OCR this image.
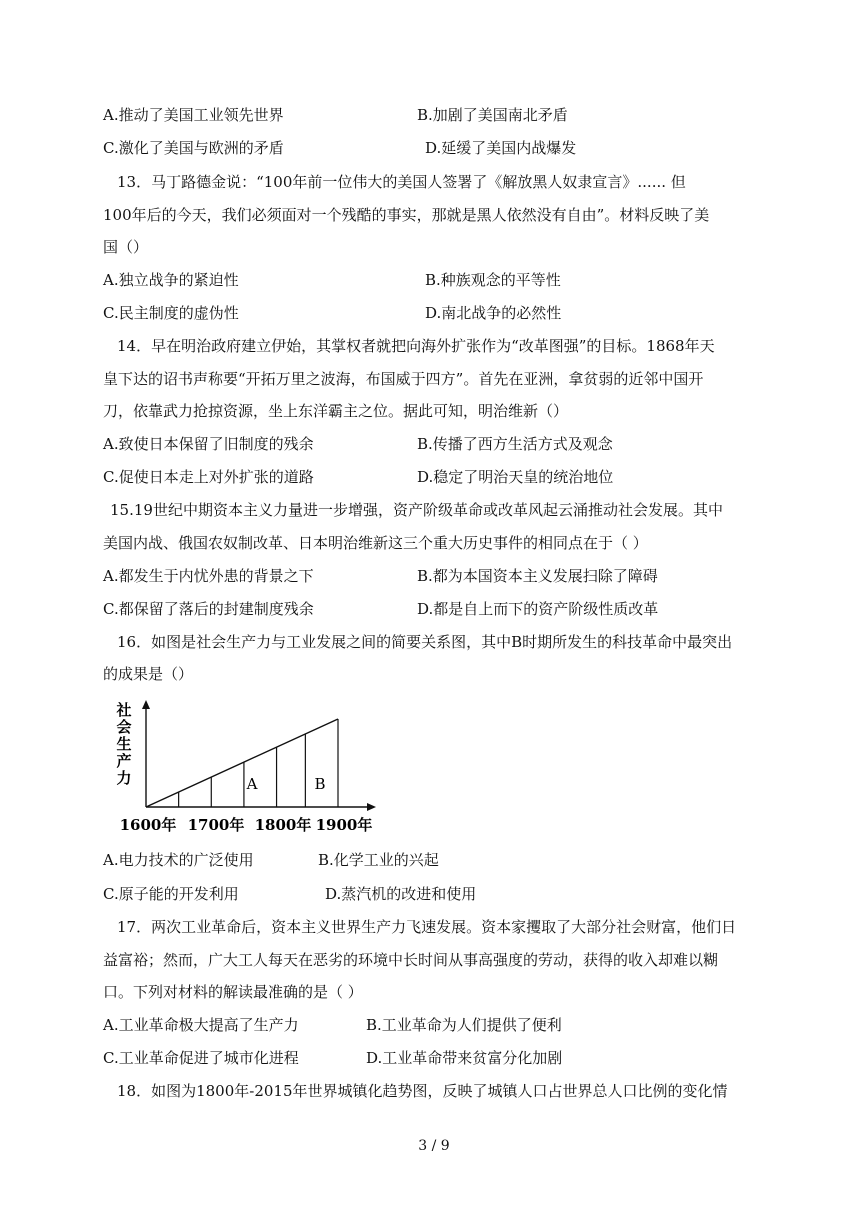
A.推动了美国工业领先世界	B.加剧了美国南北矛盾
C.激化了美国与欧洲的矛盾	D.延缓了美国内战爆发
13．马丁路德金说：“100年前一位伟大的美国人签署了《解放黑人奴隶宣言》...... 但
100年后的今天，我们必须面对一个残酷的事实，那就是黑人依然没有自由”。材料反映了美
国（）
A.独立战争的紧迫性	B.种族观念的平等性
C.民主制度的虚伪性	D.南北战争的必然性
14．早在明治政府建立伊始，其掌权者就把向海外扩张作为“改革图强”的目标。1868年天
皇下达的诏书声称要“开拓万里之波海，布国威于四方”。首先在亚洲，拿贫弱的近邻中国开
刀，依靠武力抢掠资源，坐上东洋霸主之位。据此可知，明治维新（）
A.致使日本保留了旧制度的残余	B.传播了西方生活方式及观念
C.促使日本走上对外扩张的道路	D.稳定了明治天皇的统治地位
15.19世纪中期资本主义力量进一步增强，资产阶级革命或改革风起云涌推动社会发展。其中
美国内战、俄国农奴制改革、日本明治维新这三个重大历史事件的相同点在于（ ）
A.都发生于内忧外患的背景之下	B.都为本国资本主义发展扫除了障碍
C.都保留了落后的封建制度残余	D.都是自上而下的资产阶级性质改革
16．如图是社会生产力与工业发展之间的简要关系图，其中B时期所发生的科技革命中最突出
的成果是（）
社会生产力
1600年 1700年 1800年 1900年
A	B
A.电力技术的广泛使用	B.化学工业的兴起
C.原子能的开发利用	D.蒸汽机的改进和使用
17．两次工业革命后，资本主义世界生产力飞速发展。资本家攫取了大部分社会财富，他们日
益富裕；然而，广大工人每天在恶劣的环境中长时间从事高强度的劳动，获得的收入却难以糊
口。下列对材料的解读最准确的是（ ）
A.工业革命极大提高了生产力	B.工业革命为人们提供了便利
C.工业革命促进了城市化进程	D.工业革命带来贫富分化加剧
18．如图为1800年-2015年世界城镇化趋势图，反映了城镇人口占世界总人口比例的变化情
3 / 9
